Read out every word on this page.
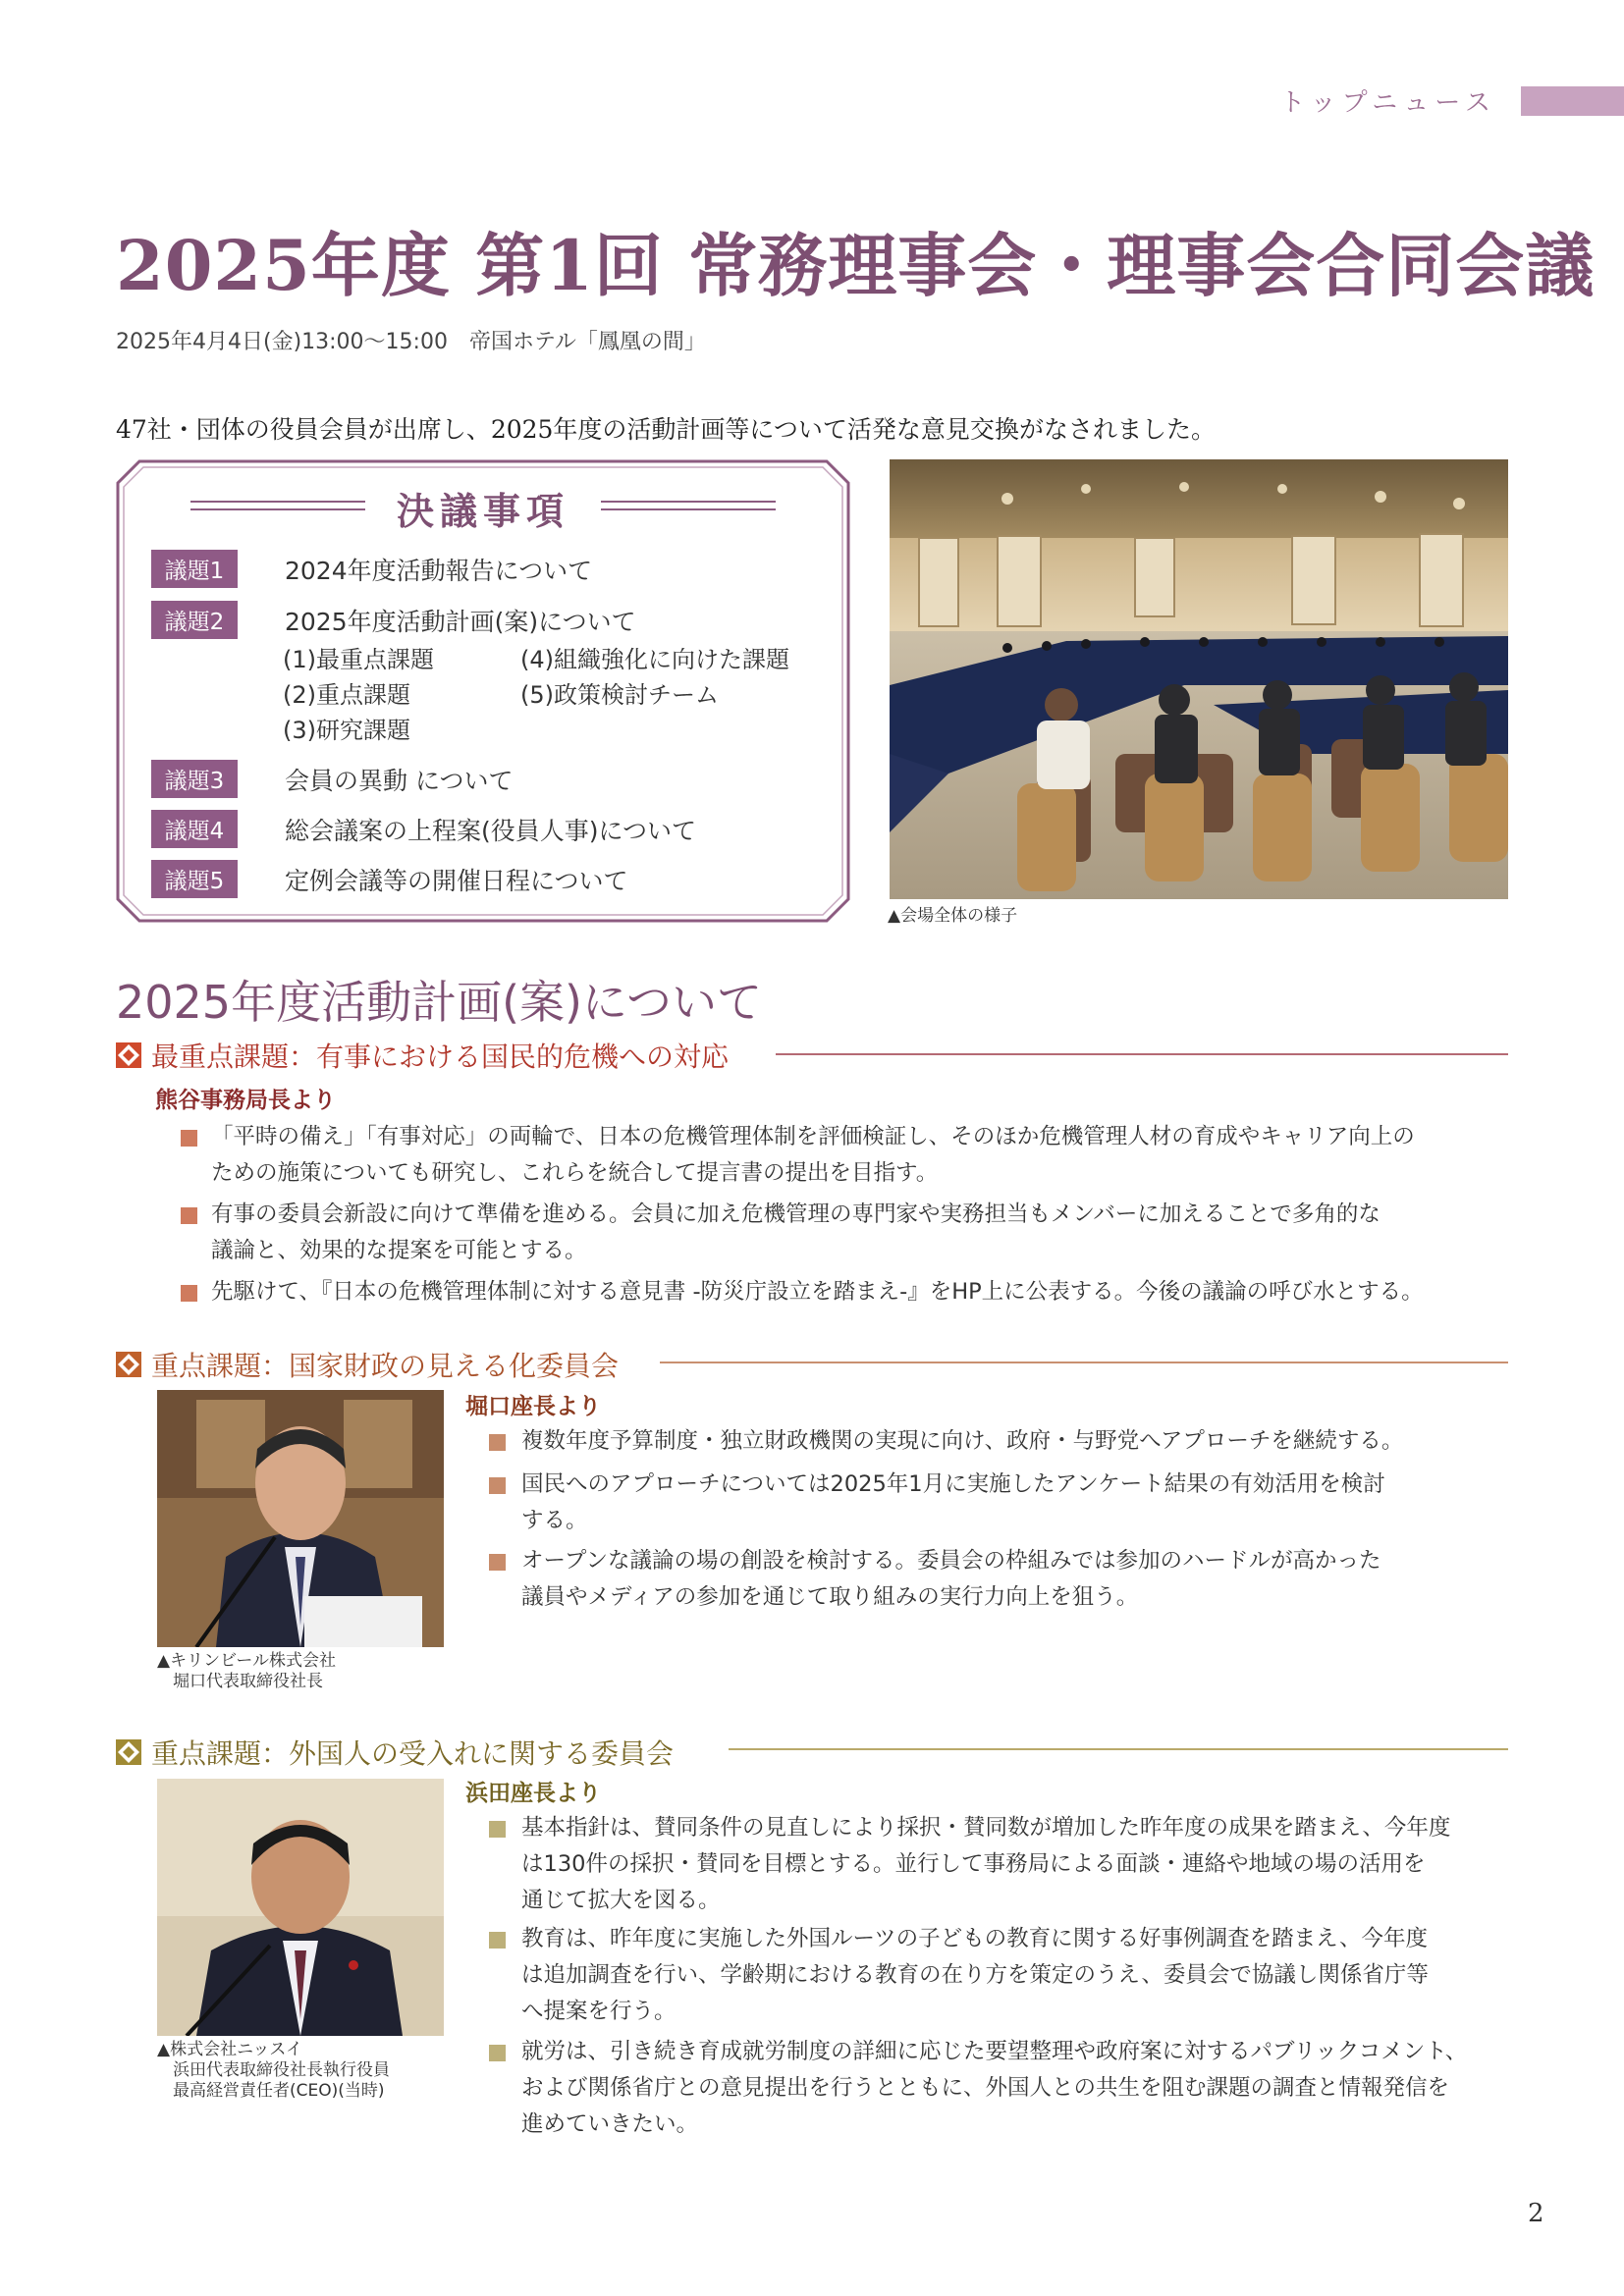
トップニュース
2025年度 第1回 常務理事会・理事会合同会議
2025年4月4日(金)13:00〜15:00　帝国ホテル「鳳凰の間」
47社・団体の役員会員が出席し、2025年度の活動計画等について活発な意見交換がなされました。
決議事項
議題1 2024年度活動報告について
議題2 2025年度活動計画(案)について
(1)最重点課題	(4)組織強化に向けた課題
(2)重点課題	(5)政策検討チーム
(3)研究課題
議題3 会員の異動 について
議題4 総会議案の上程案(役員人事)について
議題5 定例会議等の開催日程について
▲会場全体の様子
2025年度活動計画(案)について
最重点課題：有事における国民的危機への対応
熊谷事務局長より
「平時の備え」「有事対応」の両輪で、日本の危機管理体制を評価検証し、そのほか危機管理人材の育成やキャリア向上の
ための施策についても研究し、これらを統合して提言書の提出を目指す。
有事の委員会新設に向けて準備を進める。会員に加え危機管理の専門家や実務担当もメンバーに加えることで多角的な
議論と、効果的な提案を可能とする。
先駆けて、『日本の危機管理体制に対する意見書 -防災庁設立を踏まえ-』をHP上に公表する。今後の議論の呼び水とする。
重点課題：国家財政の見える化委員会
▲キリンビール株式会社
堀口代表取締役社長
堀口座長より
複数年度予算制度・独立財政機関の実現に向け、政府・与野党へアプローチを継続する。
国民へのアプローチについては2025年1月に実施したアンケート結果の有効活用を検討
する。
オープンな議論の場の創設を検討する。委員会の枠組みでは参加のハードルが高かった
議員やメディアの参加を通じて取り組みの実行力向上を狙う。
重点課題：外国人の受入れに関する委員会
▲株式会社ニッスイ
浜田代表取締役社長執行役員
最高経営責任者(CEO)(当時)
浜田座長より
基本指針は、賛同条件の見直しにより採択・賛同数が増加した昨年度の成果を踏まえ、今年度
は130件の採択・賛同を目標とする。並行して事務局による面談・連絡や地域の場の活用を
通じて拡大を図る。
教育は、昨年度に実施した外国ルーツの子どもの教育に関する好事例調査を踏まえ、今年度
は追加調査を行い、学齢期における教育の在り方を策定のうえ、委員会で協議し関係省庁等
へ提案を行う。
就労は、引き続き育成就労制度の詳細に応じた要望整理や政府案に対するパブリックコメント、
および関係省庁との意見提出を行うとともに、外国人との共生を阻む課題の調査と情報発信を
進めていきたい。
2
